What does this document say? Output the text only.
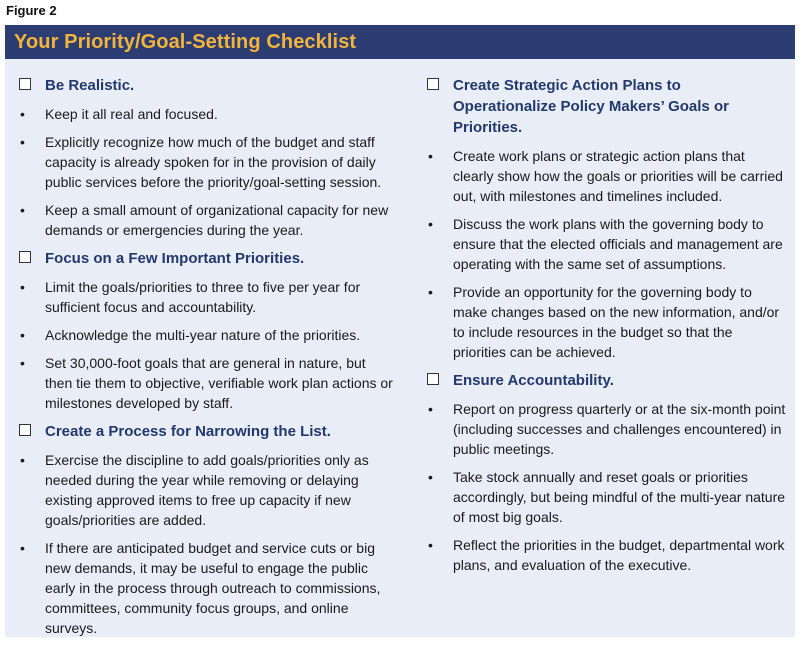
Figure 2
Your Priority/Goal-Setting Checklist
Be Realistic.
•	Keep it all real and focused.
•	Explicitly recognize how much of the budget and staff capacity is already spoken for in the provision of daily public services before the priority/goal-setting session.
•	Keep a small amount of organizational capacity for new demands or emergencies during the year.
Focus on a Few Important Priorities.
•	Limit the goals/priorities to three to five per year for sufficient focus and accountability.
•	Acknowledge the multi-year nature of the priorities.
•	Set 30,000-foot goals that are general in nature, but then tie them to objective, verifiable work plan actions or milestones developed by staff.
Create a Process for Narrowing the List.
•	Exercise the discipline to add goals/priorities only as needed during the year while removing or delaying existing approved items to free up capacity if new goals/priorities are added.
•	If there are anticipated budget and service cuts or big new demands, it may be useful to engage the public early in the process through outreach to commissions, committees, community focus groups, and online surveys.
Create Strategic Action Plans to Operationalize Policy Makers’ Goals or Priorities.
•	Create work plans or strategic action plans that clearly show how the goals or priorities will be carried out, with milestones and timelines included.
•	Discuss the work plans with the governing body to ensure that the elected officials and management are operating with the same set of assumptions.
•	Provide an opportunity for the governing body to make changes based on the new information, and/or to include resources in the budget so that the priorities can be achieved.
Ensure Accountability.
•	Report on progress quarterly or at the six-month point (including successes and challenges encountered) in public meetings.
•	Take stock annually and reset goals or priorities accordingly, but being mindful of the multi-year nature of most big goals.
•	Reflect the priorities in the budget, departmental work plans, and evaluation of the executive.
